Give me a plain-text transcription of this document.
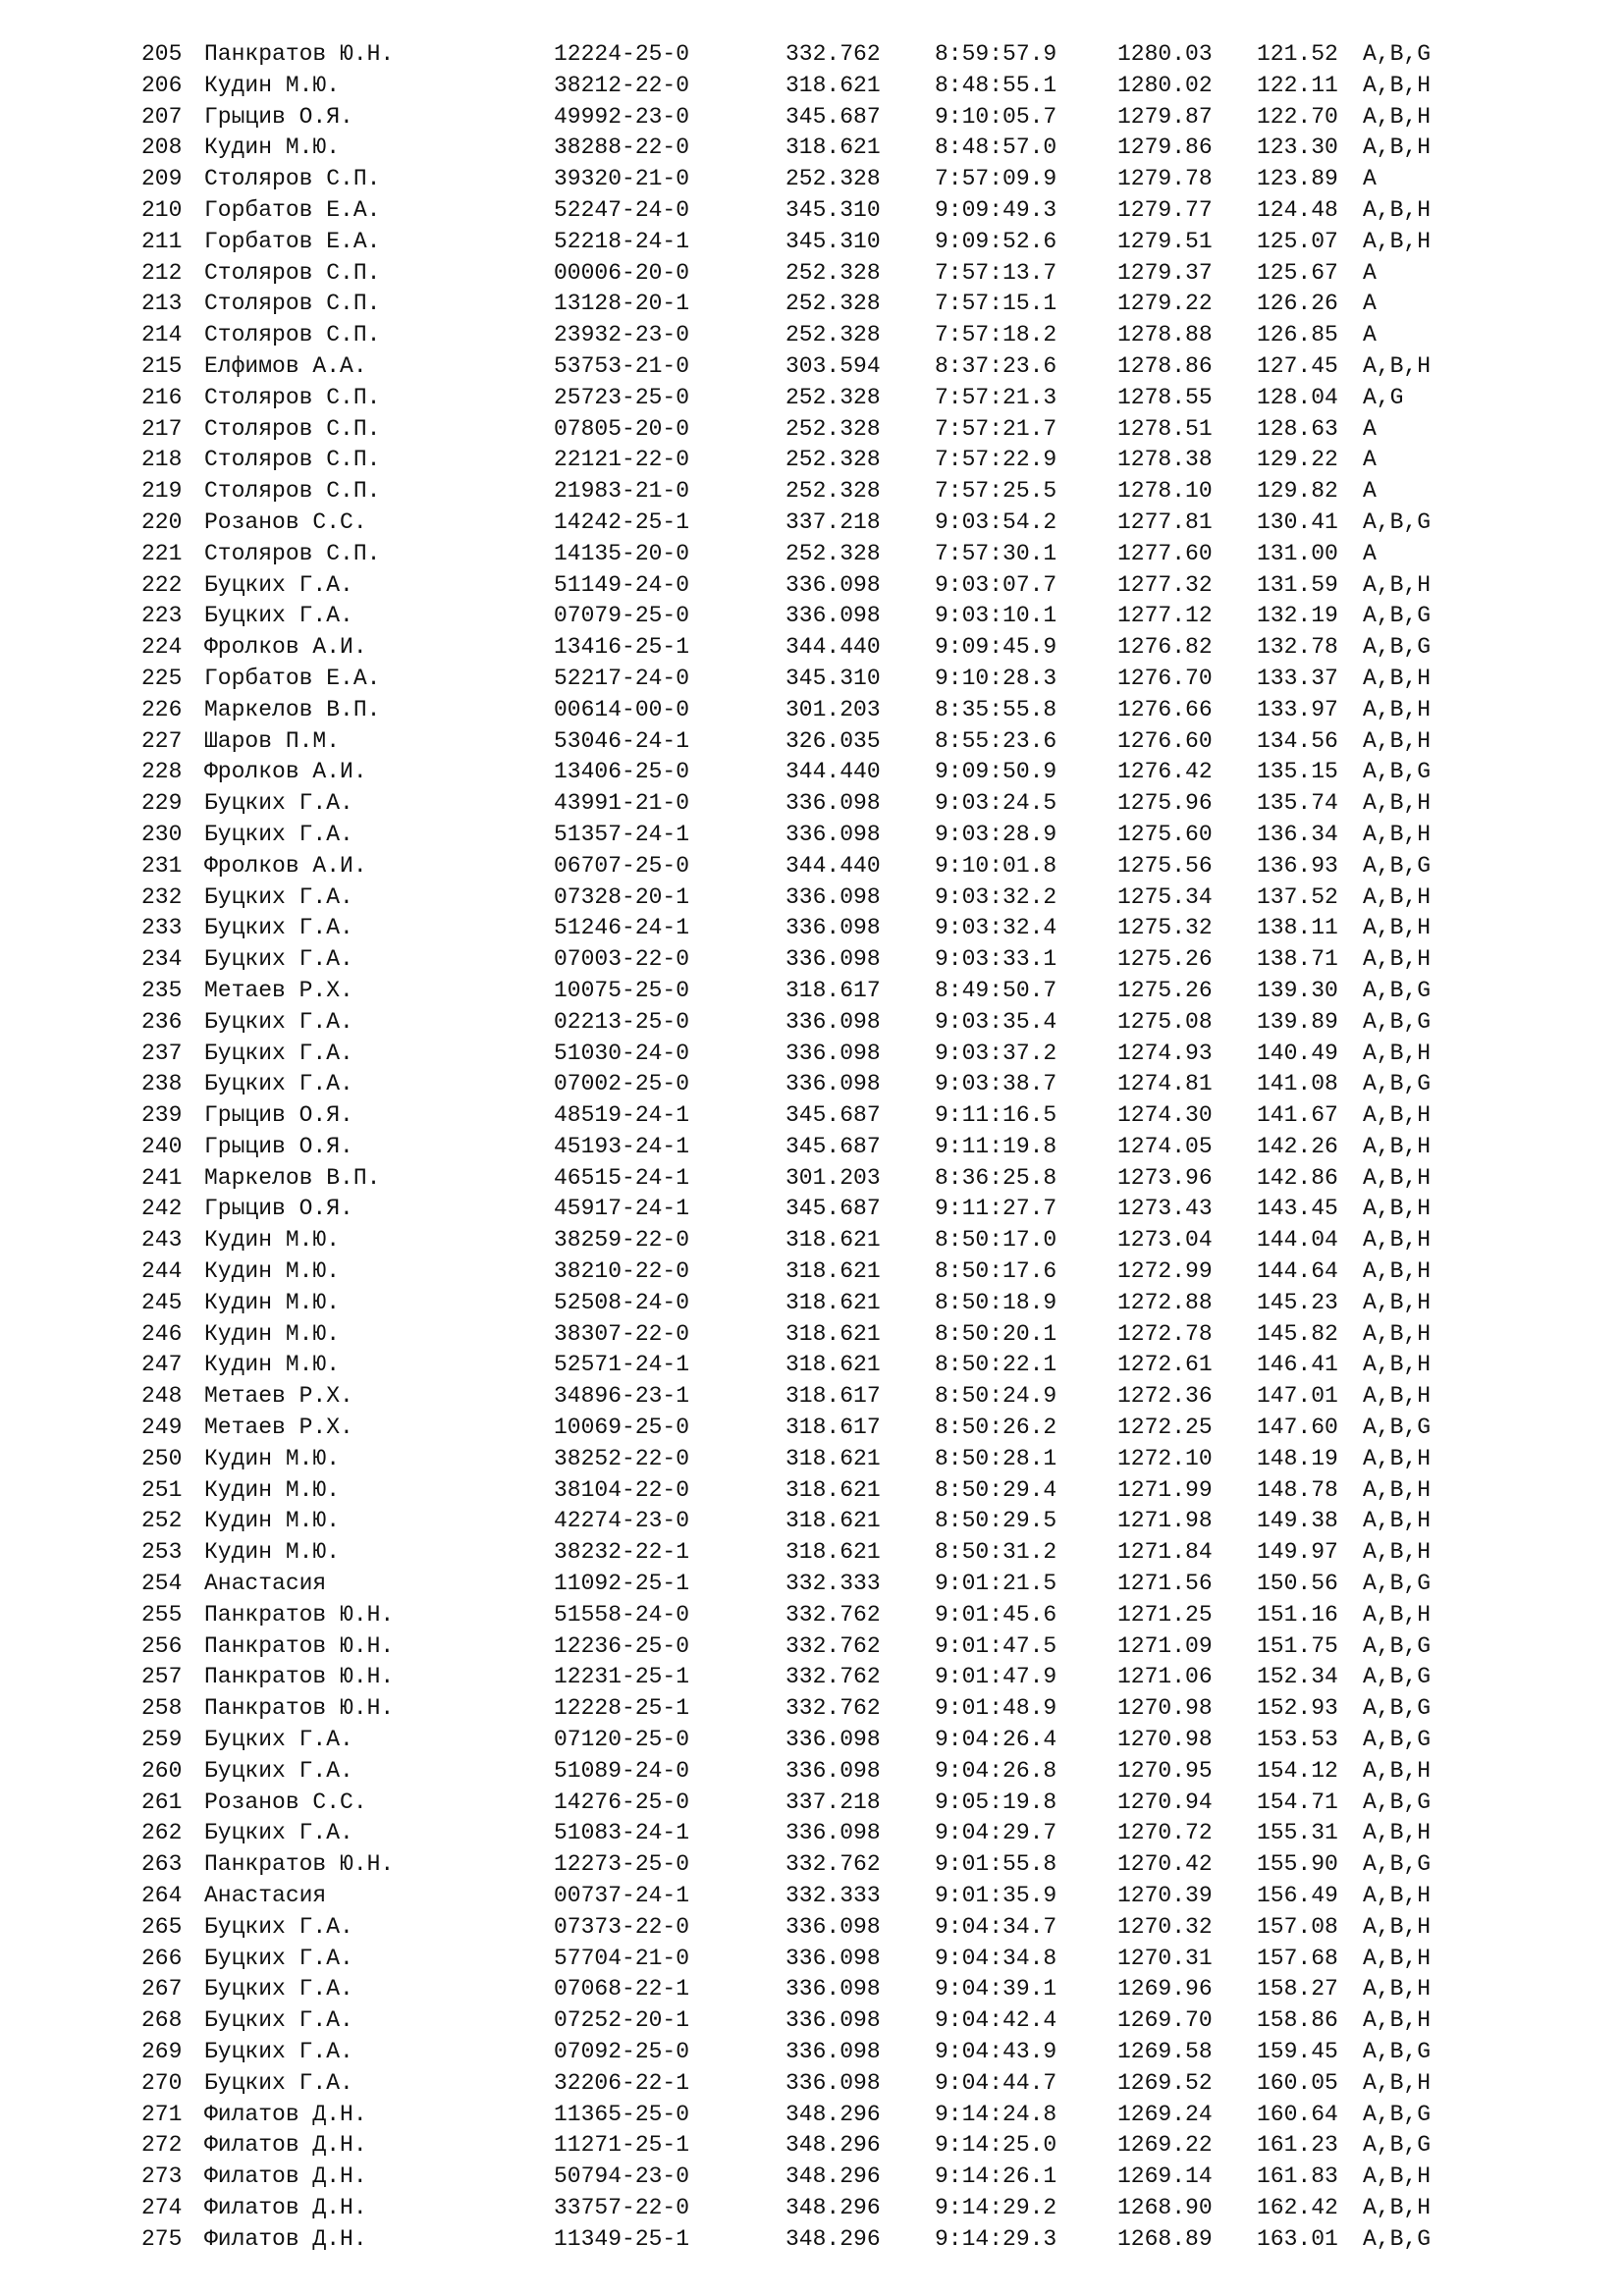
205 Панкратов Ю.Н.	12224-25-0	332.762 8:59:57.9	1280.03 121.52 A,B,G
206 Кудин М.Ю.	38212-22-0	318.621 8:48:55.1	1280.02 122.11 A,B,H
207 Грыцив О.Я.	49992-23-0	345.687 9:10:05.7	1279.87 122.70 A,B,H
208 Кудин М.Ю.	38288-22-0	318.621 8:48:57.0	1279.86 123.30 A,B,H
209 Столяров С.П.	39320-21-0	252.328 7:57:09.9	1279.78 123.89 A
210 Горбатов Е.А.	52247-24-0	345.310 9:09:49.3	1279.77 124.48 A,B,H
211 Горбатов Е.А.	52218-24-1	345.310 9:09:52.6	1279.51 125.07 A,B,H
212 Столяров С.П.	00006-20-0	252.328 7:57:13.7	1279.37 125.67 A
213 Столяров С.П.	13128-20-1	252.328 7:57:15.1	1279.22 126.26 A
214 Столяров С.П.	23932-23-0	252.328 7:57:18.2	1278.88 126.85 A
215 Елфимов А.А.	53753-21-0	303.594 8:37:23.6	1278.86 127.45 A,B,H
216 Столяров С.П.	25723-25-0	252.328 7:57:21.3	1278.55 128.04 A,G
217 Столяров С.П.	07805-20-0	252.328 7:57:21.7	1278.51 128.63 A
218 Столяров С.П.	22121-22-0	252.328 7:57:22.9	1278.38 129.22 A
219 Столяров С.П.	21983-21-0	252.328 7:57:25.5	1278.10 129.82 A
220 Розанов С.С.	14242-25-1	337.218 9:03:54.2	1277.81 130.41 A,B,G
221 Столяров С.П.	14135-20-0	252.328 7:57:30.1	1277.60 131.00 A
222 Буцких Г.А.	51149-24-0	336.098 9:03:07.7	1277.32 131.59 A,B,H
223 Буцких Г.А.	07079-25-0	336.098 9:03:10.1	1277.12 132.19 A,B,G
224 Фролков А.И.	13416-25-1	344.440 9:09:45.9	1276.82 132.78 A,B,G
225 Горбатов Е.А.	52217-24-0	345.310 9:10:28.3	1276.70 133.37 A,B,H
226 Маркелов В.П.	00614-00-0	301.203 8:35:55.8	1276.66 133.97 A,B,H
227 Шаров П.М.	53046-24-1	326.035 8:55:23.6	1276.60 134.56 A,B,H
228 Фролков А.И.	13406-25-0	344.440 9:09:50.9	1276.42 135.15 A,B,G
229 Буцких Г.А.	43991-21-0	336.098 9:03:24.5	1275.96 135.74 A,B,H
230 Буцких Г.А.	51357-24-1	336.098 9:03:28.9	1275.60 136.34 A,B,H
231 Фролков А.И.	06707-25-0	344.440 9:10:01.8	1275.56 136.93 A,B,G
232 Буцких Г.А.	07328-20-1	336.098 9:03:32.2	1275.34 137.52 A,B,H
233 Буцких Г.А.	51246-24-1	336.098 9:03:32.4	1275.32 138.11 A,B,H
234 Буцких Г.А.	07003-22-0	336.098 9:03:33.1	1275.26 138.71 A,B,H
235 Метаев Р.Х.	10075-25-0	318.617 8:49:50.7	1275.26 139.30 A,B,G
236 Буцких Г.А.	02213-25-0	336.098 9:03:35.4	1275.08 139.89 A,B,G
237 Буцких Г.А.	51030-24-0	336.098 9:03:37.2	1274.93 140.49 A,B,H
238 Буцких Г.А.	07002-25-0	336.098 9:03:38.7	1274.81 141.08 A,B,G
239 Грыцив О.Я.	48519-24-1	345.687 9:11:16.5	1274.30 141.67 A,B,H
240 Грыцив О.Я.	45193-24-1	345.687 9:11:19.8	1274.05 142.26 A,B,H
241 Маркелов В.П.	46515-24-1	301.203 8:36:25.8	1273.96 142.86 A,B,H
242 Грыцив О.Я.	45917-24-1	345.687 9:11:27.7	1273.43 143.45 A,B,H
243 Кудин М.Ю.	38259-22-0	318.621 8:50:17.0	1273.04 144.04 A,B,H
244 Кудин М.Ю.	38210-22-0	318.621 8:50:17.6	1272.99 144.64 A,B,H
245 Кудин М.Ю.	52508-24-0	318.621 8:50:18.9	1272.88 145.23 A,B,H
246 Кудин М.Ю.	38307-22-0	318.621 8:50:20.1	1272.78 145.82 A,B,H
247 Кудин М.Ю.	52571-24-1	318.621 8:50:22.1	1272.61 146.41 A,B,H
248 Метаев Р.Х.	34896-23-1	318.617 8:50:24.9	1272.36 147.01 A,B,H
249 Метаев Р.Х.	10069-25-0	318.617 8:50:26.2	1272.25 147.60 A,B,G
250 Кудин М.Ю.	38252-22-0	318.621 8:50:28.1	1272.10 148.19 A,B,H
251 Кудин М.Ю.	38104-22-0	318.621 8:50:29.4	1271.99 148.78 A,B,H
252 Кудин М.Ю.	42274-23-0	318.621 8:50:29.5	1271.98 149.38 A,B,H
253 Кудин М.Ю.	38232-22-1	318.621 8:50:31.2	1271.84 149.97 A,B,H
254 Анастасия	11092-25-1	332.333 9:01:21.5	1271.56 150.56 A,B,G
255 Панкратов Ю.Н.	51558-24-0	332.762 9:01:45.6	1271.25 151.16 A,B,H
256 Панкратов Ю.Н.	12236-25-0	332.762 9:01:47.5	1271.09 151.75 A,B,G
257 Панкратов Ю.Н.	12231-25-1	332.762 9:01:47.9	1271.06 152.34 A,B,G
258 Панкратов Ю.Н.	12228-25-1	332.762 9:01:48.9	1270.98 152.93 A,B,G
259 Буцких Г.А.	07120-25-0	336.098 9:04:26.4	1270.98 153.53 A,B,G
260 Буцких Г.А.	51089-24-0	336.098 9:04:26.8	1270.95 154.12 A,B,H
261 Розанов С.С.	14276-25-0	337.218 9:05:19.8	1270.94 154.71 A,B,G
262 Буцких Г.А.	51083-24-1	336.098 9:04:29.7	1270.72 155.31 A,B,H
263 Панкратов Ю.Н.	12273-25-0	332.762 9:01:55.8	1270.42 155.90 A,B,G
264 Анастасия	00737-24-1	332.333 9:01:35.9	1270.39 156.49 A,B,H
265 Буцких Г.А.	07373-22-0	336.098 9:04:34.7	1270.32 157.08 A,B,H
266 Буцких Г.А.	57704-21-0	336.098 9:04:34.8	1270.31 157.68 A,B,H
267 Буцких Г.А.	07068-22-1	336.098 9:04:39.1	1269.96 158.27 A,B,H
268 Буцких Г.А.	07252-20-1	336.098 9:04:42.4	1269.70 158.86 A,B,H
269 Буцких Г.А.	07092-25-0	336.098 9:04:43.9	1269.58 159.45 A,B,G
270 Буцких Г.А.	32206-22-1	336.098 9:04:44.7	1269.52 160.05 A,B,H
271 Филатов Д.Н.	11365-25-0	348.296 9:14:24.8	1269.24 160.64 A,B,G
272 Филатов Д.Н.	11271-25-1	348.296 9:14:25.0	1269.22 161.23 A,B,G
273 Филатов Д.Н.	50794-23-0	348.296 9:14:26.1	1269.14 161.83 A,B,H
274 Филатов Д.Н.	33757-22-0	348.296 9:14:29.2	1268.90 162.42 A,B,H
275 Филатов Д.Н.	11349-25-1	348.296 9:14:29.3	1268.89 163.01 A,B,G
